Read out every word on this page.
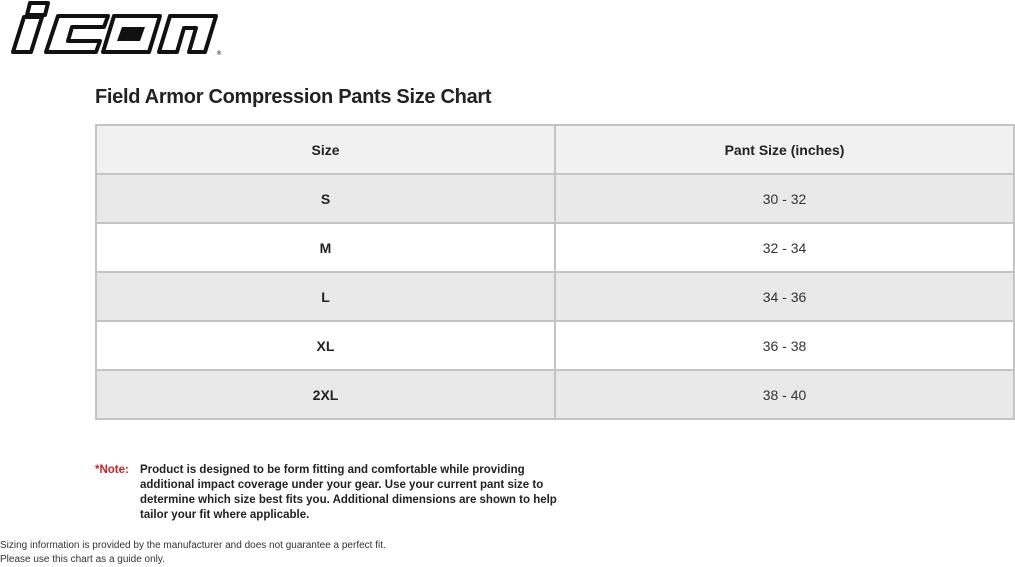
®
Field Armor Compression Pants Size Chart
Size	Pant Size (inches)
S	30 - 32
M	32 - 34
L	34 - 36
XL	36 - 38
2XL	38 - 40
*Note: Product is designed to be form fitting and comfortable while providing additional impact coverage under your gear. Use your current pant size to determine which size best fits you. Additional dimensions are shown to help tailor your fit where applicable.
Sizing information is provided by the manufacturer and does not guarantee a perfect fit.
Please use this chart as a guide only.
